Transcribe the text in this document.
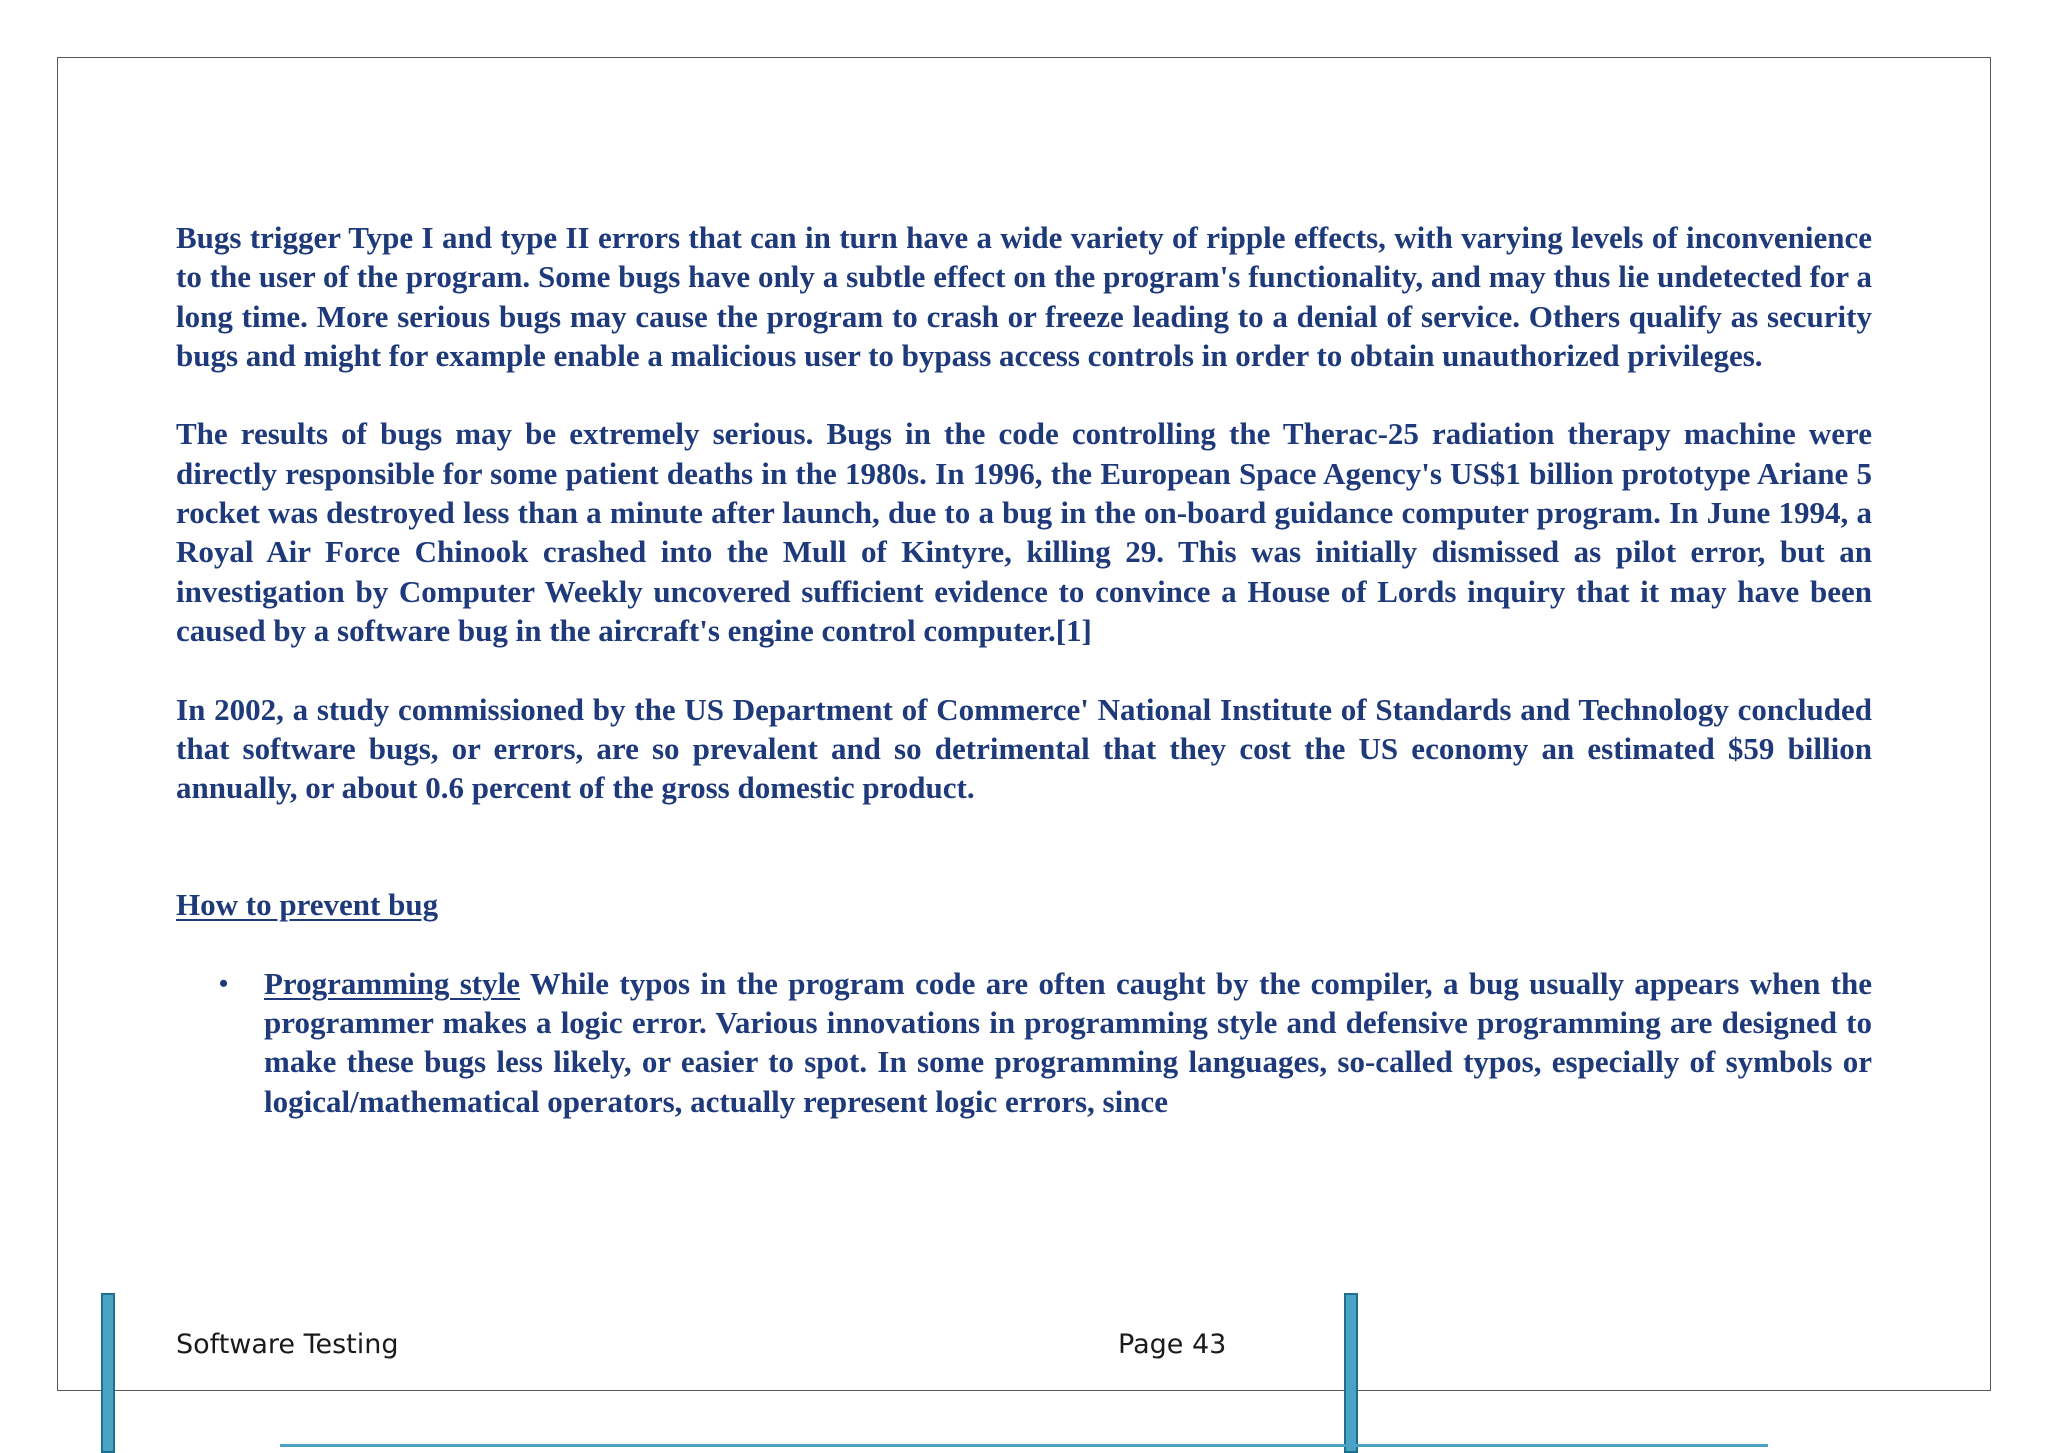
Bugs trigger Type I and type II errors that can in turn have a wide variety of ripple effects, with varying levels of inconvenience to the user of the program. Some bugs have only a subtle effect on the program's functionality, and may thus lie undetected for a long time. More serious bugs may cause the program to crash or freeze leading to a denial of service. Others qualify as security bugs and might for example enable a malicious user to bypass access controls in order to obtain unauthorized privileges.

The results of bugs may be extremely serious. Bugs in the code controlling the Therac-25 radiation therapy machine were directly responsible for some patient deaths in the 1980s. In 1996, the European Space Agency's US$1 billion prototype Ariane 5 rocket was destroyed less than a minute after launch, due to a bug in the on-board guidance computer program. In June 1994, a Royal Air Force Chinook crashed into the Mull of Kintyre, killing 29. This was initially dismissed as pilot error, but an investigation by Computer Weekly uncovered sufficient evidence to convince a House of Lords inquiry that it may have been caused by a software bug in the aircraft's engine control computer.[1]

In 2002, a study commissioned by the US Department of Commerce' National Institute of Standards and Technology concluded that software bugs, or errors, are so prevalent and so detrimental that they cost the US economy an estimated $59 billion annually, or about 0.6 percent of the gross domestic product.

How to prevent bug
• Programming style While typos in the program code are often caught by the compiler, a bug usually appears when the programmer makes a logic error. Various innovations in programming style and defensive programming are designed to make these bugs less likely, or easier to spot. In some programming languages, so-called typos, especially of symbols or logical/mathematical operators, actually represent logic errors, since
Software Testing	Page 43
